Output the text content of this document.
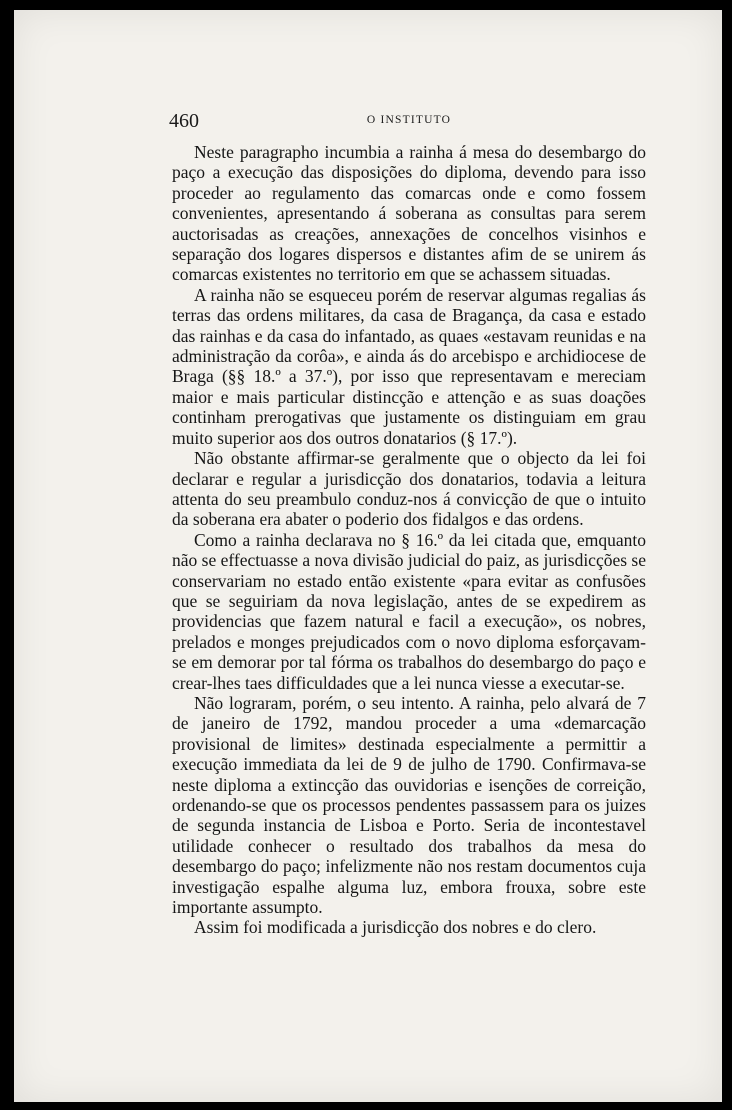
460	O INSTITUTO

Neste paragrapho incumbia a rainha á mesa do desembargo do paço a execução das disposições do diploma, devendo para isso proceder ao regulamento das comarcas onde e como fossem convenientes, apresentando á soberana as consultas para serem auctorisadas as creações, annexações de concelhos visinhos e separação dos logares dispersos e distantes afim de se unirem ás comarcas existentes no territorio em que se achassem situadas.

A rainha não se esqueceu porém de reservar algumas regalias ás terras das ordens militares, da casa de Bragança, da casa e estado das rainhas e da casa do infantado, as quaes «estavam reunidas e na administração da corôa», e ainda ás do arcebispo e archidiocese de Braga (§§ 18.º a 37.º), por isso que representavam e mereciam maior e mais particular distincção e attenção e as suas doações continham prerogativas que justamente os distinguiam em grau muito superior aos dos outros donatarios (§ 17.º).

Não obstante affirmar-se geralmente que o objecto da lei foi declarar e regular a jurisdicção dos donatarios, todavia a leitura attenta do seu preambulo conduz-nos á convicção de que o intuito da soberana era abater o poderio dos fidalgos e das ordens.

Como a rainha declarava no § 16.º da lei citada que, emquanto não se effectuasse a nova divisão judicial do paiz, as jurisdicções se conservariam no estado então existente «para evitar as confusões que se seguiriam da nova legislação, antes de se expedirem as providencias que fazem natural e facil a execução», os nobres, prelados e monges prejudicados com o novo diploma esforçavam-se em demorar por tal fórma os trabalhos do desembargo do paço e crear-lhes taes difficuldades que a lei nunca viesse a executar-se.

Não lograram, porém, o seu intento. A rainha, pelo alvará de 7 de janeiro de 1792, mandou proceder a uma «demarcação provisional de limites» destinada especialmente a permittir a execução immediata da lei de 9 de julho de 1790. Confirmava-se neste diploma a extincção das ouvidorias e isenções de correição, ordenando-se que os processos pendentes passassem para os juizes de segunda instancia de Lisboa e Porto. Seria de incontestavel utilidade conhecer o resultado dos trabalhos da mesa do desembargo do paço; infelizmente não nos restam documentos cuja investigação espalhe alguma luz, embora frouxa, sobre este importante assumpto.

Assim foi modificada a jurisdicção dos nobres e do clero.
